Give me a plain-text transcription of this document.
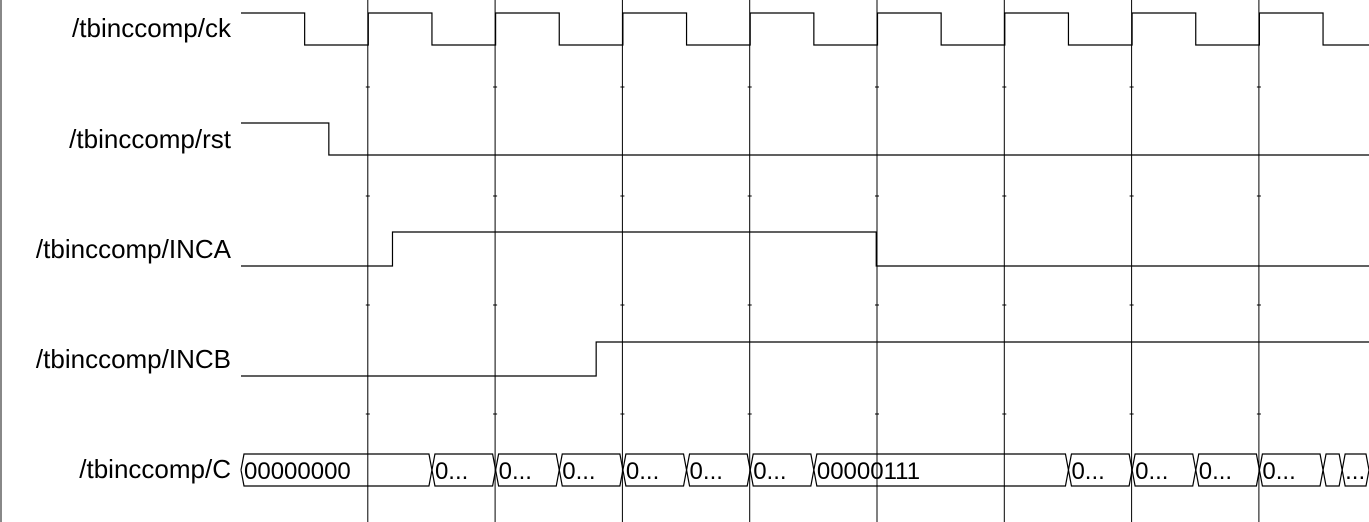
/tbinccomp/ck
/tbinccomp/rst
/tbinccomp/INCA
/tbinccomp/INCB
/tbinccomp/C 00000000	0... 0... 0... 0... 0... 0... 00000111	0... 0... 0... 0... ...
